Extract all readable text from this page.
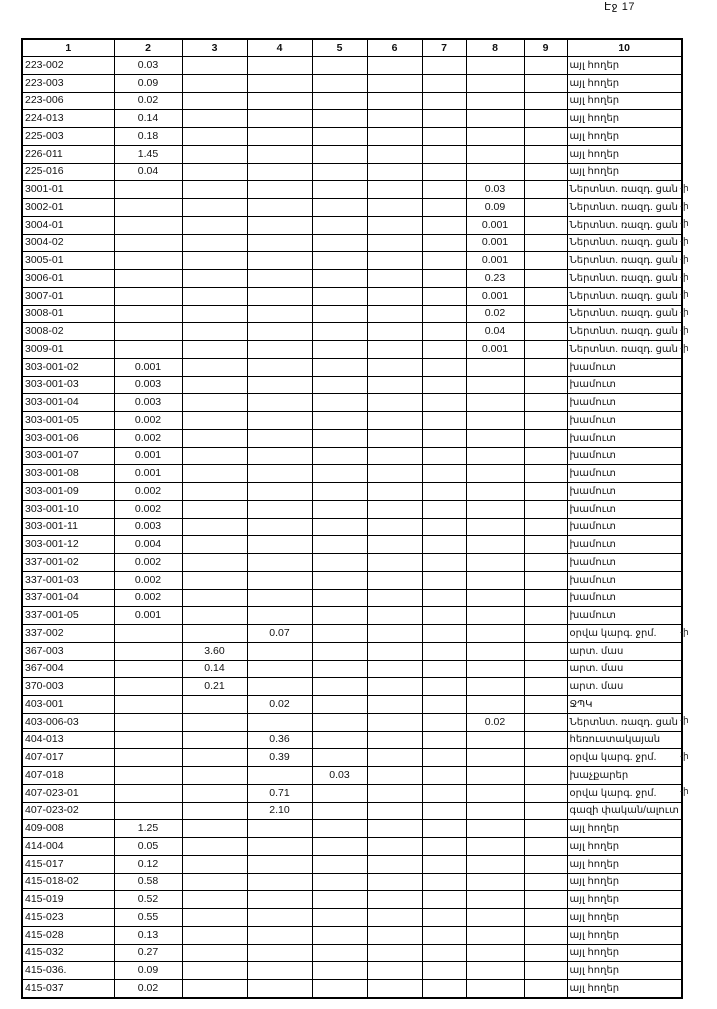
Էջ 17
1	2	3	4	5	6	7	8	9	10
223-002	0.03								այլ հողեր
223-003	0.09								այլ հողեր
223-006	0.02								այլ հողեր
224-013	0.14								այլ հողեր
225-003	0.18								այլ հողեր
226-011	1.45								այլ հողեր
225-016	0.04								այլ հողեր
3001-01							0.03		Ներտնտ. ռազդ. ցան
3002-01							0.09		Ներտնտ. ռազդ. ցան
3004-01							0.001		Ներտնտ. ռազդ. ցան
3004-02							0.001		Ներտնտ. ռազդ. ցան
3005-01							0.001		Ներտնտ. ռազդ. ցան
3006-01							0.23		Ներտնտ. ռազդ. ցան
3007-01							0.001		Ներտնտ. ռազդ. ցան
3008-01							0.02		Ներտնտ. ռազդ. ցան
3008-02							0.04		Ներտնտ. ռազդ. ցան
3009-01							0.001		Ներտնտ. ռազդ. ցան
303-001-02	0.001								խամուտ
303-001-03	0.003								խամուտ
303-001-04	0.003								խամուտ
303-001-05	0.002								խամուտ
303-001-06	0.002								խամուտ
303-001-07	0.001								խամուտ
303-001-08	0.001								խամուտ
303-001-09	0.002								խամուտ
303-001-10	0.002								խամուտ
303-001-11	0.003								խամուտ
303-001-12	0.004								խամուտ
337-001-02	0.002								խամուտ
337-001-03	0.002								խամուտ
337-001-04	0.002								խամուտ
337-001-05	0.001								խամուտ
337-002			0.07						օրվա կարգ. ջրմ.
367-003		3.60							արտ. մաս
367-004		0.14							արտ. մաս
370-003		0.21							արտ. մաս
403-001			0.02						ՋՊԿ
403-006-03							0.02		Ներտնտ. ռազդ. ցան
404-013			0.36						հեռուստակայան
407-017			0.39						օրվա կարգ. ջրմ.
407-018				0.03					խաչքարեր
407-023-01			0.71						օրվա կարգ. ջրմ.
407-023-02			2.10						գազի փական/ալուտ
409-008	1.25								այլ հողեր
414-004	0.05								այլ հողեր
415-017	0.12								այլ հողեր
415-018-02	0.58								այլ հողեր
415-019	0.52								այլ հողեր
415-023	0.55								այլ հողեր
415-028	0.13								այլ հողեր
415-032	0.27								այլ հողեր
415-036.	0.09								այլ հողեր
415-037	0.02								այլ հողեր
-ի
-ի
-ի
-ի
-ի
-ի
-ի
-ի
-ի
-ի
-ի
-ի
-ի
-ի
